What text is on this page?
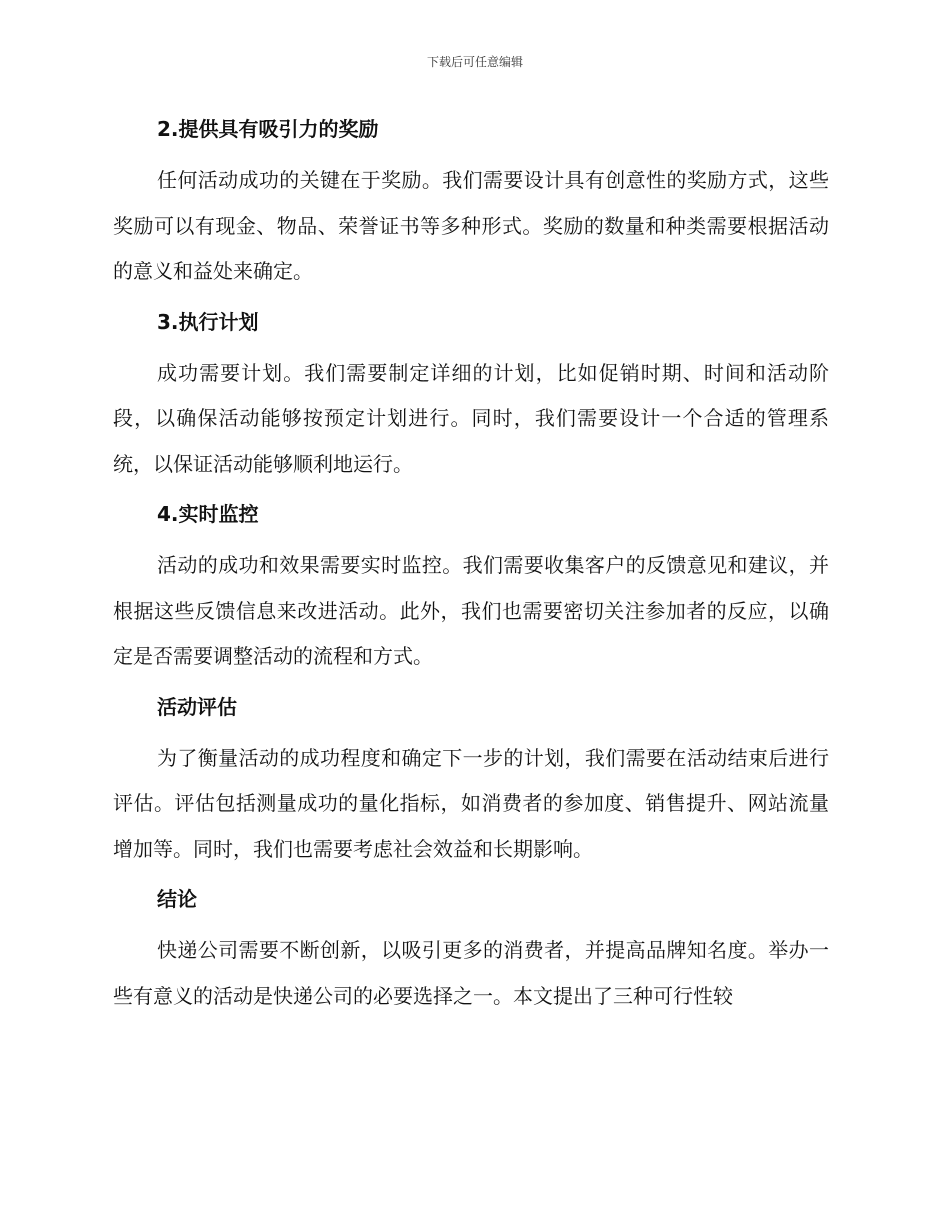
下载后可任意编辑
2.提供具有吸引力的奖励

任何活动成功的关键在于奖励。我们需要设计具有创意性的奖励方式，这些奖励可以有现金、物品、荣誉证书等多种形式。奖励的数量和种类需要根据活动的意义和益处来确定。

3.执行计划

成功需要计划。我们需要制定详细的计划，比如促销时期、时间和活动阶段，以确保活动能够按预定计划进行。同时，我们需要设计一个合适的管理系统，以保证活动能够顺利地运行。

4.实时监控

活动的成功和效果需要实时监控。我们需要收集客户的反馈意见和建议，并根据这些反馈信息来改进活动。此外，我们也需要密切关注参加者的反应，以确定是否需要调整活动的流程和方式。

活动评估

为了衡量活动的成功程度和确定下一步的计划，我们需要在活动结束后进行评估。评估包括测量成功的量化指标，如消费者的参加度、销售提升、网站流量增加等。同时，我们也需要考虑社会效益和长期影响。

结论

快递公司需要不断创新，以吸引更多的消费者，并提高品牌知名度。举办一些有意义的活动是快递公司的必要选择之一。本文提出了三种可行性较
